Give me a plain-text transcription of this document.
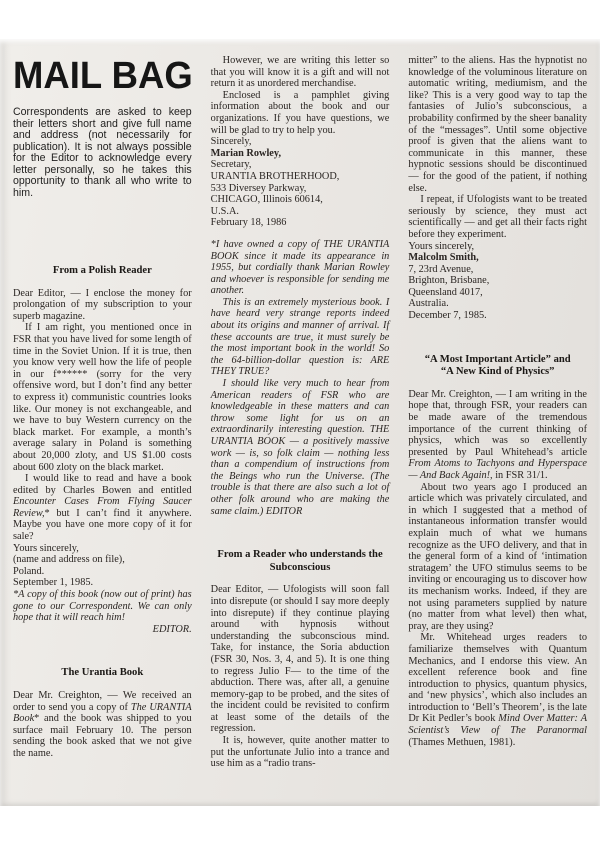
MAIL BAG
Correspondents are asked to keep their letters short and give full name and address (not necessarily for publication). It is not always possible for the Editor to acknowledge every letter personally, so he takes this opportunity to thank all who write to him.
From a Polish Reader
Dear Editor, — I enclose the money for prolongation of my subscription to your superb magazine.
If I am right, you mentioned once in FSR that you have lived for some length of time in the Soviet Union. If it is true, then you know very well how the life of people in our f****** (sorry for the very offensive word, but I don’t find any better to express it) communistic countries looks like. Our money is not exchangeable, and we have to buy Western currency on the black market. For example, a month’s average salary in Poland is something about 20,000 zloty, and US $1.00 costs about 600 zloty on the black market.
I would like to read and have a book edited by Charles Bowen and entitled Encounter Cases From Flying Saucer Review,* but I can’t find it anywhere. Maybe you have one more copy of it for sale?
Yours sincerely,
(name and address on file),
Poland.
September 1, 1985.
*A copy of this book (now out of print) has gone to our Correspondent. We can only hope that it will reach him!
EDITOR.
The Urantia Book
Dear Mr. Creighton, — We received an order to send you a copy of The URANTIA Book* and the book was shipped to you surface mail February 10. The person sending the book asked that we not give the name.
However, we are writing this letter so that you will know it is a gift and will not return it as unordered merchandise.
Enclosed is a pamphlet giving information about the book and our organizations. If you have questions, we will be glad to try to help you.
Sincerely,
Marian Rowley,
Secretary,
URANTIA BROTHERHOOD,
533 Diversey Parkway,
CHICAGO, Illinois 60614,
U.S.A.
February 18, 1986
*I have owned a copy of THE URANTIA BOOK since it made its appearance in 1955, but cordially thank Marian Rowley and whoever is responsible for sending me another.
This is an extremely mysterious book. I have heard very strange reports indeed about its origins and manner of arrival. If these accounts are true, it must surely be the most important book in the world! So the 64-billion-dollar question is: ARE THEY TRUE?
I should like very much to hear from American readers of FSR who are knowledgeable in these matters and can throw some light for us on an extraordinarily interesting question. THE URANTIA BOOK — a positively massive work — is, so folk claim — nothing less than a compendium of instructions from the Beings who run the Universe. (The trouble is that there are also such a lot of other folk around who are making the same claim.) EDITOR
From a Reader who understands the
Subconscious
Dear Editor, — Ufologists will soon fall into disrepute (or should I say more deeply into disrepute) if they continue playing around with hypnosis without understanding the subconscious mind. Take, for instance, the Soria abduction (FSR 30, Nos. 3, 4, and 5). It is one thing to regress Julio F— to the time of the abduction. There was, after all, a genuine memory-gap to be probed, and the sites of the incident could be revisited to confirm at least some of the details of the regression.
It is, however, quite another matter to put the unfortunate Julio into a trance and use him as a “radio trans-
mitter” to the aliens. Has the hypnotist no knowledge of the voluminous literature on automatic writing, mediumism, and the like? This is a very good way to tap the fantasies of Julio’s subconscious, a probability confirmed by the sheer banality of the “messages”. Until some objective proof is given that the aliens want to communicate in this manner, these hypnotic sessions should be discontinued — for the good of the patient, if nothing else.
I repeat, if Ufologists want to be treated seriously by science, they must act scientifically — and get all their facts right before they experiment.
Yours sincerely,
Malcolm Smith,
7, 23rd Avenue,
Brighton, Brisbane,
Queensland 4017,
Australia.
December 7, 1985.
“A Most Important Article” and
“A New Kind of Physics”
Dear Mr. Creighton, — I am writing in the hope that, through FSR, your readers can be made aware of the tremendous importance of the current thinking of physics, which was so excellently presented by Paul Whitehead’s article From Atoms to Tachyons and Hyperspace — And Back Again!, in FSR 31/1.
About two years ago I produced an article which was privately circulated, and in which I suggested that a method of instantaneous information transfer would explain much of what we humans recognize as the UFO delivery, and that in the general form of a kind of ‘intimation stratagem’ the UFO stimulus seems to be inviting or encouraging us to discover how its mechanism works. Indeed, if they are not using parameters supplied by nature (no matter from what level) then what, pray, are they using?
Mr. Whitehead urges readers to familiarize themselves with Quantum Mechanics, and I endorse this view. An excellent reference book and fine introduction to physics, quantum physics, and ‘new physics’, which also includes an introduction to ‘Bell’s Theorem’, is the late Dr Kit Pedler’s book Mind Over Matter: A Scientist’s View of The Paranormal (Thames Methuen, 1981).
